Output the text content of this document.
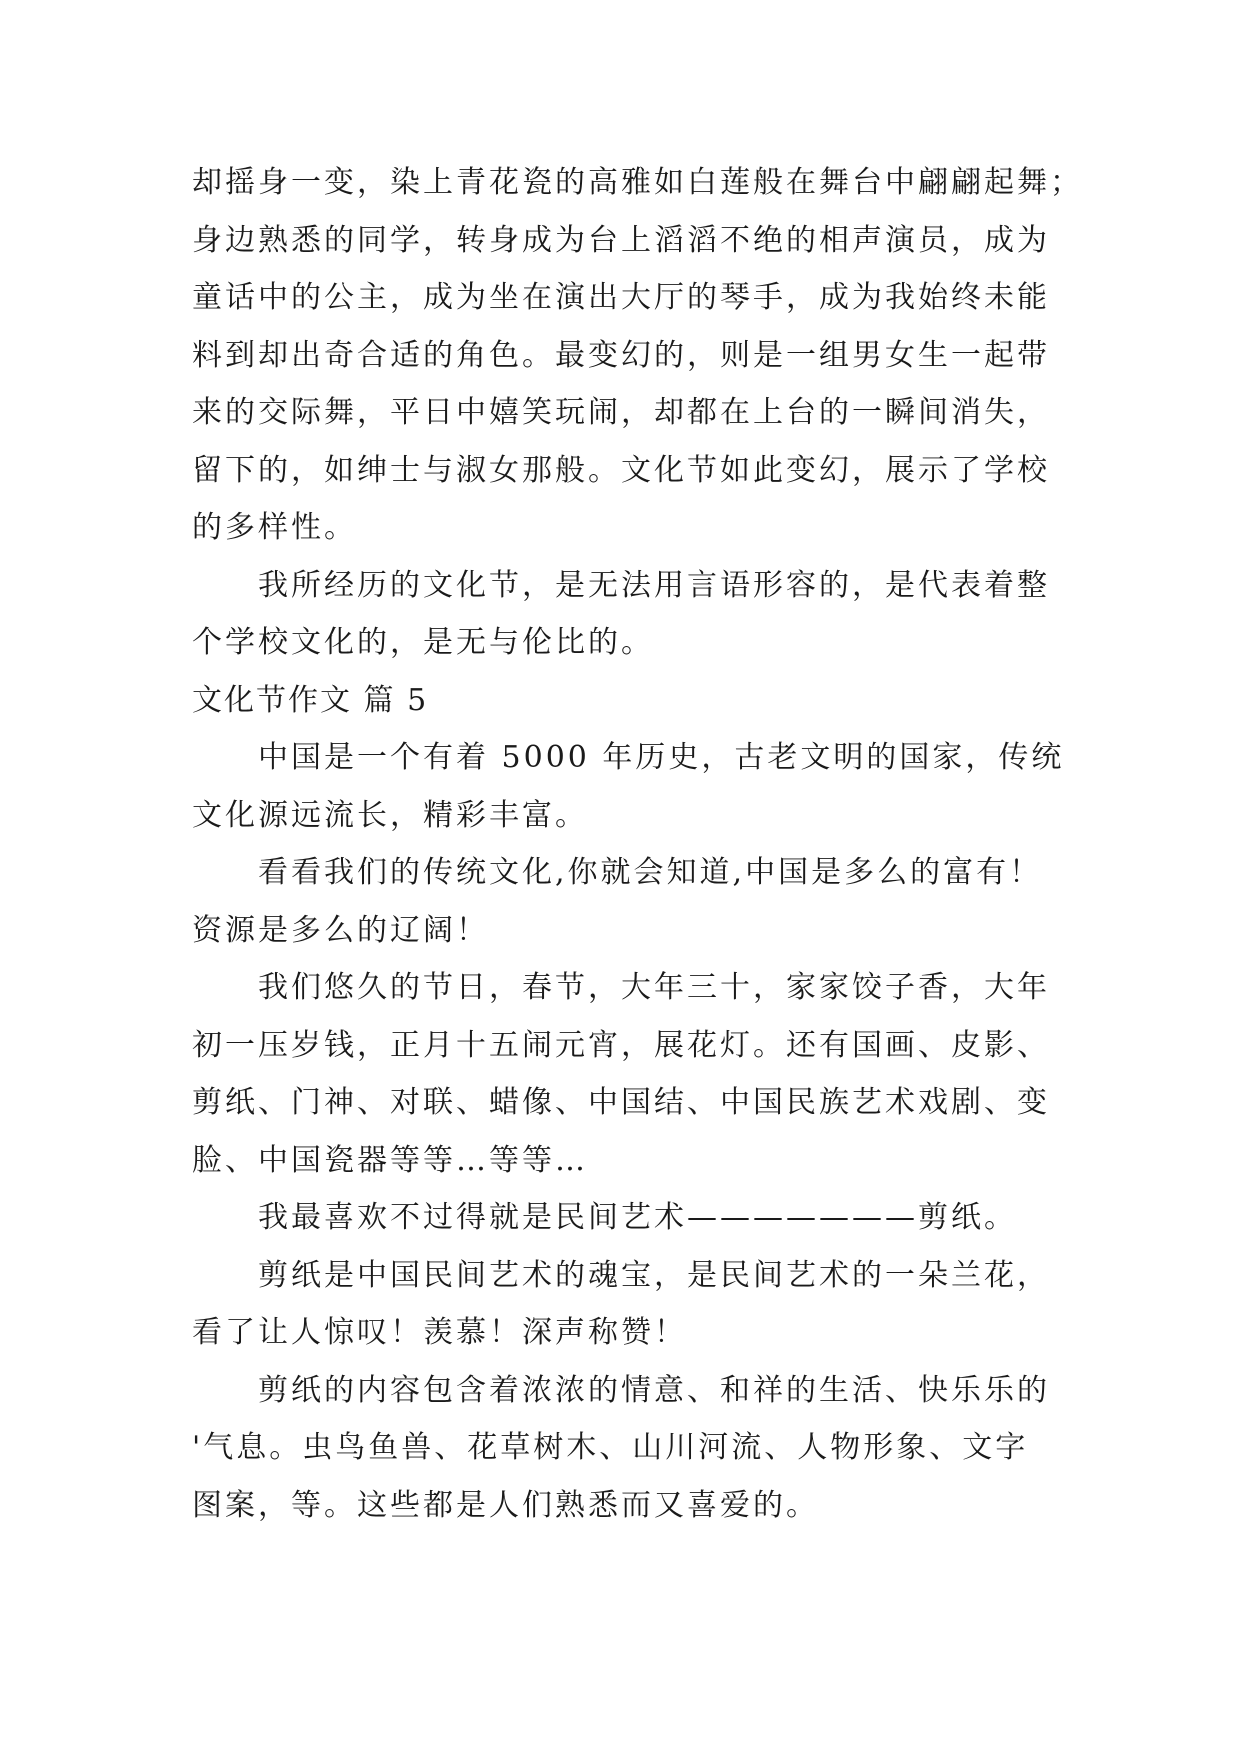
却摇身一变，染上青花瓷的高雅如白莲般在舞台中翩翩起舞；
身边熟悉的同学，转身成为台上滔滔不绝的相声演员，成为
童话中的公主，成为坐在演出大厅的琴手，成为我始终未能
料到却出奇合适的角色。最变幻的，则是一组男女生一起带
来的交际舞，平日中嬉笑玩闹，却都在上台的一瞬间消失，
留下的，如绅士与淑女那般。文化节如此变幻，展示了学校
的多样性。
我所经历的文化节，是无法用言语形容的，是代表着整
个学校文化的，是无与伦比的。
文化节作文 篇 5
中国是一个有着 5000 年历史，古老文明的国家，传统
文化源远流长，精彩丰富。
看看我们的传统文化,你就会知道,中国是多么的富有！
资源是多么的辽阔！
我们悠久的节日，春节，大年三十，家家饺子香，大年
初一压岁钱，正月十五闹元宵，展花灯。还有国画、皮影、
剪纸、门神、对联、蜡像、中国结、中国民族艺术戏剧、变
脸、中国瓷器等等…等等…
我最喜欢不过得就是民间艺术———————剪纸。
剪纸是中国民间艺术的魂宝，是民间艺术的一朵兰花，
看了让人惊叹！羡慕！深声称赞！
剪纸的内容包含着浓浓的情意、和祥的生活、快乐乐的
'气息。虫鸟鱼兽、花草树木、山川河流、人物形象、文字
图案，等。这些都是人们熟悉而又喜爱的。
